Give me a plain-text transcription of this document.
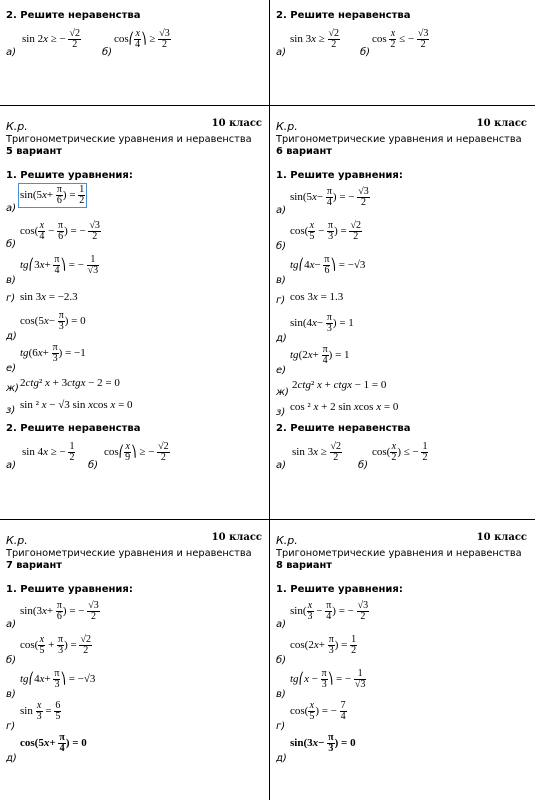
2. Решите неравенства
а)
sin 2x ≥ − $\frac{√2}{2}$
б)
cos⎛ $\frac{x}{4}$ ⎞ ≥ $\frac{√3}{2}$
2. Решите неравенства
а)
$\sin 3x \ge \frac{√2}{2}$
б)
$\cos \frac{x}{2}$ ≤ − $\frac{√3}{2}$
К.р.	10 класс
Тригонометрические уравнения и неравенства
5 вариант
1. Решите уравнения:
а)
$\sin(5x+ \frac{\pi}{6}$ ) = $\frac{1}{2}$
б)
$\cos( \frac{x}{4} - \frac{\pi}{6}$ ) = − $\frac{√3}{2}$
в)
tg⎛3x+ $\frac{\pi}{4}$ ⎞ = − $\frac{1}{√3}$
г) sin 3x = −2.3
д)
$\cos(5x- \frac{\pi}{3}$ ) = 0
е)
$tg(6x+ \frac{\pi}{3}$ ) = −1
ж) 2ctg² x + 3ctgx − 2 = 0
з) sin ² x − √3 sin xcos x = 0
2. Решите неравенства
а)
sin 4x ≥ − $\frac{1}{2}$
б)
cos⎛ $\frac{x}{9}$ ⎞ ≥ − $\frac{√2}{2}$
К.р.	10 класс
Тригонометрические уравнения и неравенства
6 вариант
1. Решите уравнения:
а)
$\sin(5x- \frac{\pi}{4}$ ) = − $\frac{√3}{2}$
б)
$\cos( \frac{x}{5} - \frac{\pi}{3}$ ) = $\frac{√2}{2}$
в)
tg⎛4x− $\frac{\pi}{6}$ ⎞ = −√3
г) cos 3x = 1.3
д)
$\sin(4x- \frac{\pi}{3}$ ) = 1
е)
$tg(2x+ \frac{\pi}{4}$ ) = 1
ж)
2ctg² x + ctgx − 1 = 0
з) cos ² x + 2 sin xcos x = 0
2. Решите неравенства
а)
$\sin 3x \ge \frac{√2}{2}$
б)
$\cos( \frac{x}{2}$ ) ≤ − $\frac{1}{2}$
К.р.	10 класс
Тригонометрические уравнения и неравенства
7 вариант
1. Решите уравнения:
а)
$\sin(3x+ \frac{\pi}{6}$ ) = − $\frac{√3}{2}$
б)
$\cos( \frac{x}{5} + \frac{\pi}{3}$ ) = $\frac{√2}{2}$
в)
tg⎛4x+ $\frac{\pi}{3}$ ⎞ = −√3
г)
$\sin \frac{x}{3} = \frac{6}{5}$
д)
$\cos(5x+ \frac{\pi}{4}$ ) = 0
К.р.	10 класс
Тригонометрические уравнения и неравенства
8 вариант
1. Решите уравнения:
а)
$\sin( \frac{x}{3} - \frac{\pi}{4}$ ) = − $\frac{√3}{2}$
б)
$\cos(2x+ \frac{\pi}{3}$ ) = $\frac{1}{2}$
в)
tg⎛x − $\frac{\pi}{3}$ ⎞ = − $\frac{1}{√3}$
г)
$\cos( \frac{x}{5}$ ) = − $\frac{7}{4}$
д)
$\sin(3x- \frac{\pi}{3}$ ) = 0
